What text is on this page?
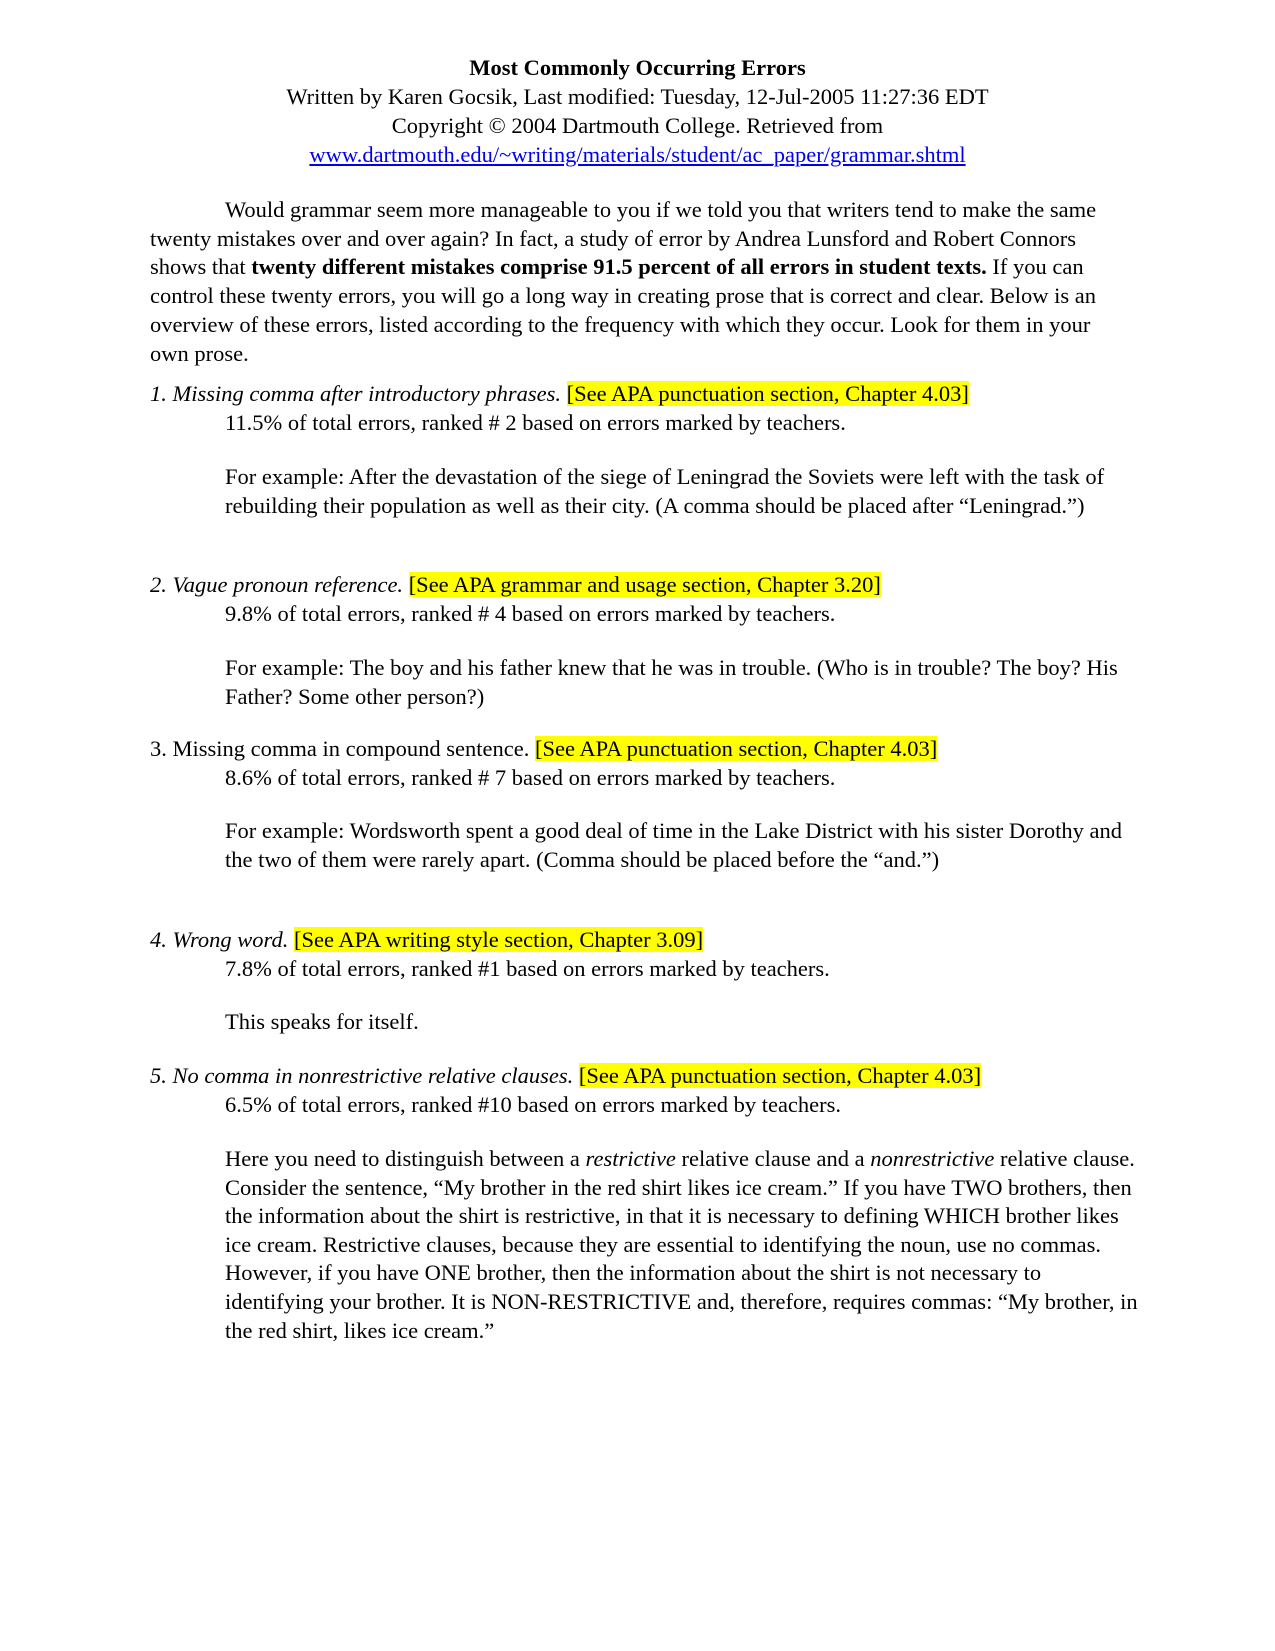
Most Commonly Occurring Errors
Written by Karen Gocsik, Last modified: Tuesday, 12-Jul-2005 11:27:36 EDT
Copyright © 2004 Dartmouth College. Retrieved from
www.dartmouth.edu/~writing/materials/student/ac_paper/grammar.shtml

Would grammar seem more manageable to you if we told you that writers tend to make the same twenty mistakes over and over again? In fact, a study of error by Andrea Lunsford and Robert Connors shows that twenty different mistakes comprise 91.5 percent of all errors in student texts. If you can control these twenty errors, you will go a long way in creating prose that is correct and clear. Below is an overview of these errors, listed according to the frequency with which they occur. Look for them in your own prose.

1. Missing comma after introductory phrases. [See APA punctuation section, Chapter 4.03]

11.5% of total errors, ranked # 2 based on errors marked by teachers.

For example: After the devastation of the siege of Leningrad the Soviets were left with the task of rebuilding their population as well as their city. (A comma should be placed after “Leningrad.”)

2. Vague pronoun reference. [See APA grammar and usage section, Chapter 3.20]

9.8% of total errors, ranked # 4 based on errors marked by teachers.

For example: The boy and his father knew that he was in trouble. (Who is in trouble? The boy? His Father? Some other person?)

3. Missing comma in compound sentence. [See APA punctuation section, Chapter 4.03]

8.6% of total errors, ranked # 7 based on errors marked by teachers.

For example: Wordsworth spent a good deal of time in the Lake District with his sister Dorothy and the two of them were rarely apart. (Comma should be placed before the “and.”)

4. Wrong word. [See APA writing style section, Chapter 3.09]

7.8% of total errors, ranked #1 based on errors marked by teachers.

This speaks for itself.

5. No comma in nonrestrictive relative clauses. [See APA punctuation section, Chapter 4.03]

6.5% of total errors, ranked #10 based on errors marked by teachers.

Here you need to distinguish between a restrictive relative clause and a nonrestrictive relative clause. Consider the sentence, “My brother in the red shirt likes ice cream.” If you have TWO brothers, then the information about the shirt is restrictive, in that it is necessary to defining WHICH brother likes ice cream. Restrictive clauses, because they are essential to identifying the noun, use no commas. However, if you have ONE brother, then the information about the shirt is not necessary to identifying your brother. It is NON-RESTRICTIVE and, therefore, requires commas: “My brother, in the red shirt, likes ice cream.”
